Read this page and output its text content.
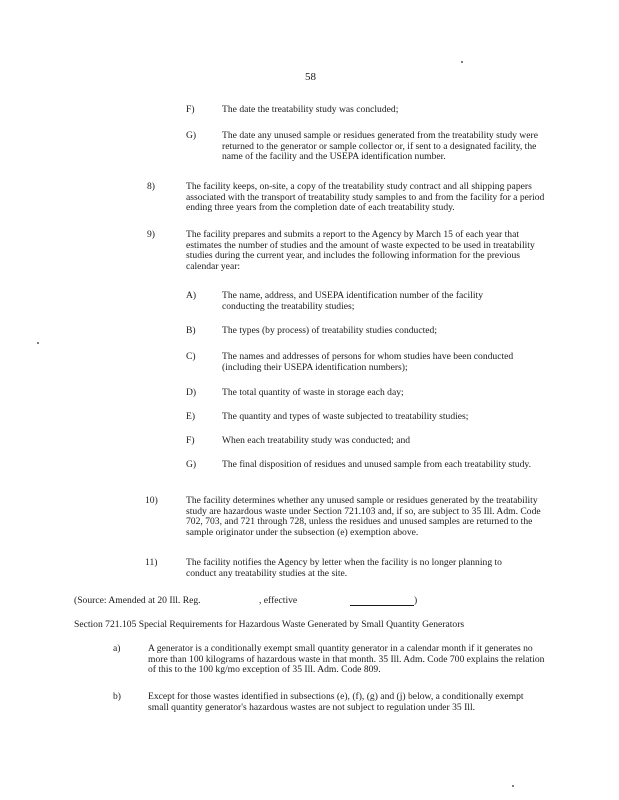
58
F)	The date the treatability study was concluded;
G)	The date any unused sample or residues generated from the treatability study were returned to the generator or sample collector or, if sent to a designated facility, the name of the facility and the USEPA identification number.
8)	The facility keeps, on-site, a copy of the treatability study contract and all shipping papers associated with the transport of treatability study samples to and from the facility for a period ending three years from the completion date of each treatability study.
9)	The facility prepares and submits a report to the Agency by March 15 of each year that estimates the number of studies and the amount of waste expected to be used in treatability studies during the current year, and includes the following information for the previous calendar year:
A)	The name, address, and USEPA identification number of the facility conducting the treatability studies;
B)	The types (by process) of treatability studies conducted;
C)	The names and addresses of persons for whom studies have been conducted (including their USEPA identification numbers);
D)	The total quantity of waste in storage each day;
E)	The quantity and types of waste subjected to treatability studies;
F)	When each treatability study was conducted; and
G)	The final disposition of residues and unused sample from each treatability study.
10)	The facility determines whether any unused sample or residues generated by the treatability study are hazardous waste under Section 721.103 and, if so, are subject to 35 Ill. Adm. Code 702, 703, and 721 through 728, unless the residues and unused samples are returned to the sample originator under the subsection (e) exemption above.
11)	The facility notifies the Agency by letter when the facility is no longer planning to conduct any treatability studies at the site.
(Source: Amended at 20 Ill. Reg.	, effective	)
Section 721.105 Special Requirements for Hazardous Waste Generated by Small Quantity Generators
a)	A generator is a conditionally exempt small quantity generator in a calendar month if it generates no more than 100 kilograms of hazardous waste in that month. 35 Ill. Adm. Code 700 explains the relation of this to the 100 kg/mo exception of 35 Ill. Adm. Code 809.
b)	Except for those wastes identified in subsections (e), (f), (g) and (j) below, a conditionally exempt small quantity generator's hazardous wastes are not subject to regulation under 35 Ill.
